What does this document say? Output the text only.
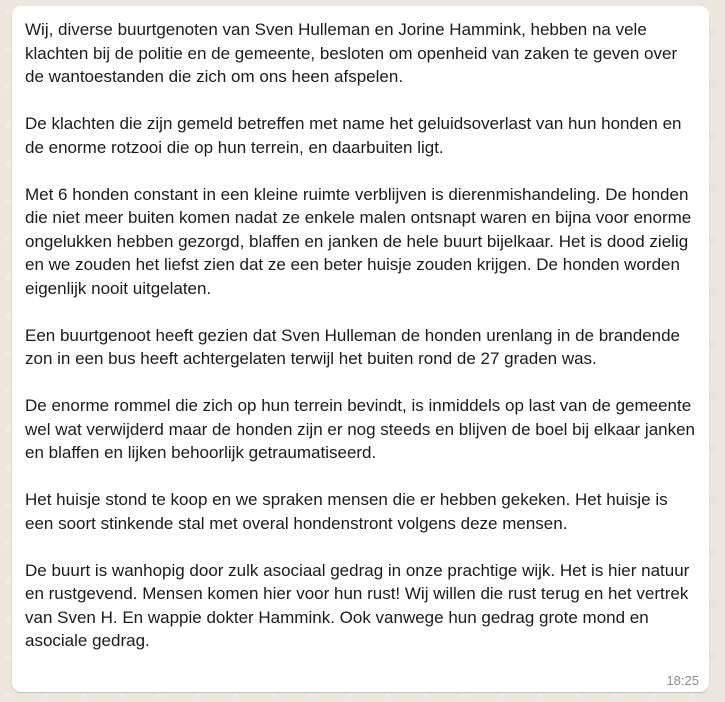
Wij, diverse buurtgenoten van Sven Hulleman en Jorine Hammink, hebben na vele klachten bij de politie en de gemeente, besloten om openheid van zaken te geven over de wantoestanden die zich om ons heen afspelen.

De klachten die zijn gemeld betreffen met name het geluidsoverlast van hun honden en de enorme rotzooi die op hun terrein, en daarbuiten ligt.

Met 6 honden constant in een kleine ruimte verblijven is dierenmishandeling. De honden die niet meer buiten komen nadat ze enkele malen ontsnapt waren en bijna voor enorme ongelukken hebben gezorgd, blaffen en janken de hele buurt bijelkaar. Het is dood zielig en we zouden het liefst zien dat ze een beter huisje zouden krijgen. De honden worden eigenlijk nooit uitgelaten.

Een buurtgenoot heeft gezien dat Sven Hulleman de honden urenlang in de brandende zon in een bus heeft achtergelaten terwijl het buiten rond de 27 graden was.

De enorme rommel die zich op hun terrein bevindt, is inmiddels op last van de gemeente wel wat verwijderd maar de honden zijn er nog steeds en blijven de boel bij elkaar janken en blaffen en lijken behoorlijk getraumatiseerd.

Het huisje stond te koop en we spraken mensen die er hebben gekeken. Het huisje is een soort stinkende stal met overal hondenstront volgens deze mensen.

De buurt is wanhopig door zulk asociaal gedrag in onze prachtige wijk. Het is hier natuur en rustgevend. Mensen komen hier voor hun rust! Wij willen die rust terug en het vertrek van Sven H. En wappie dokter Hammink. Ook vanwege hun gedrag grote mond en asociale gedrag.

18:25
